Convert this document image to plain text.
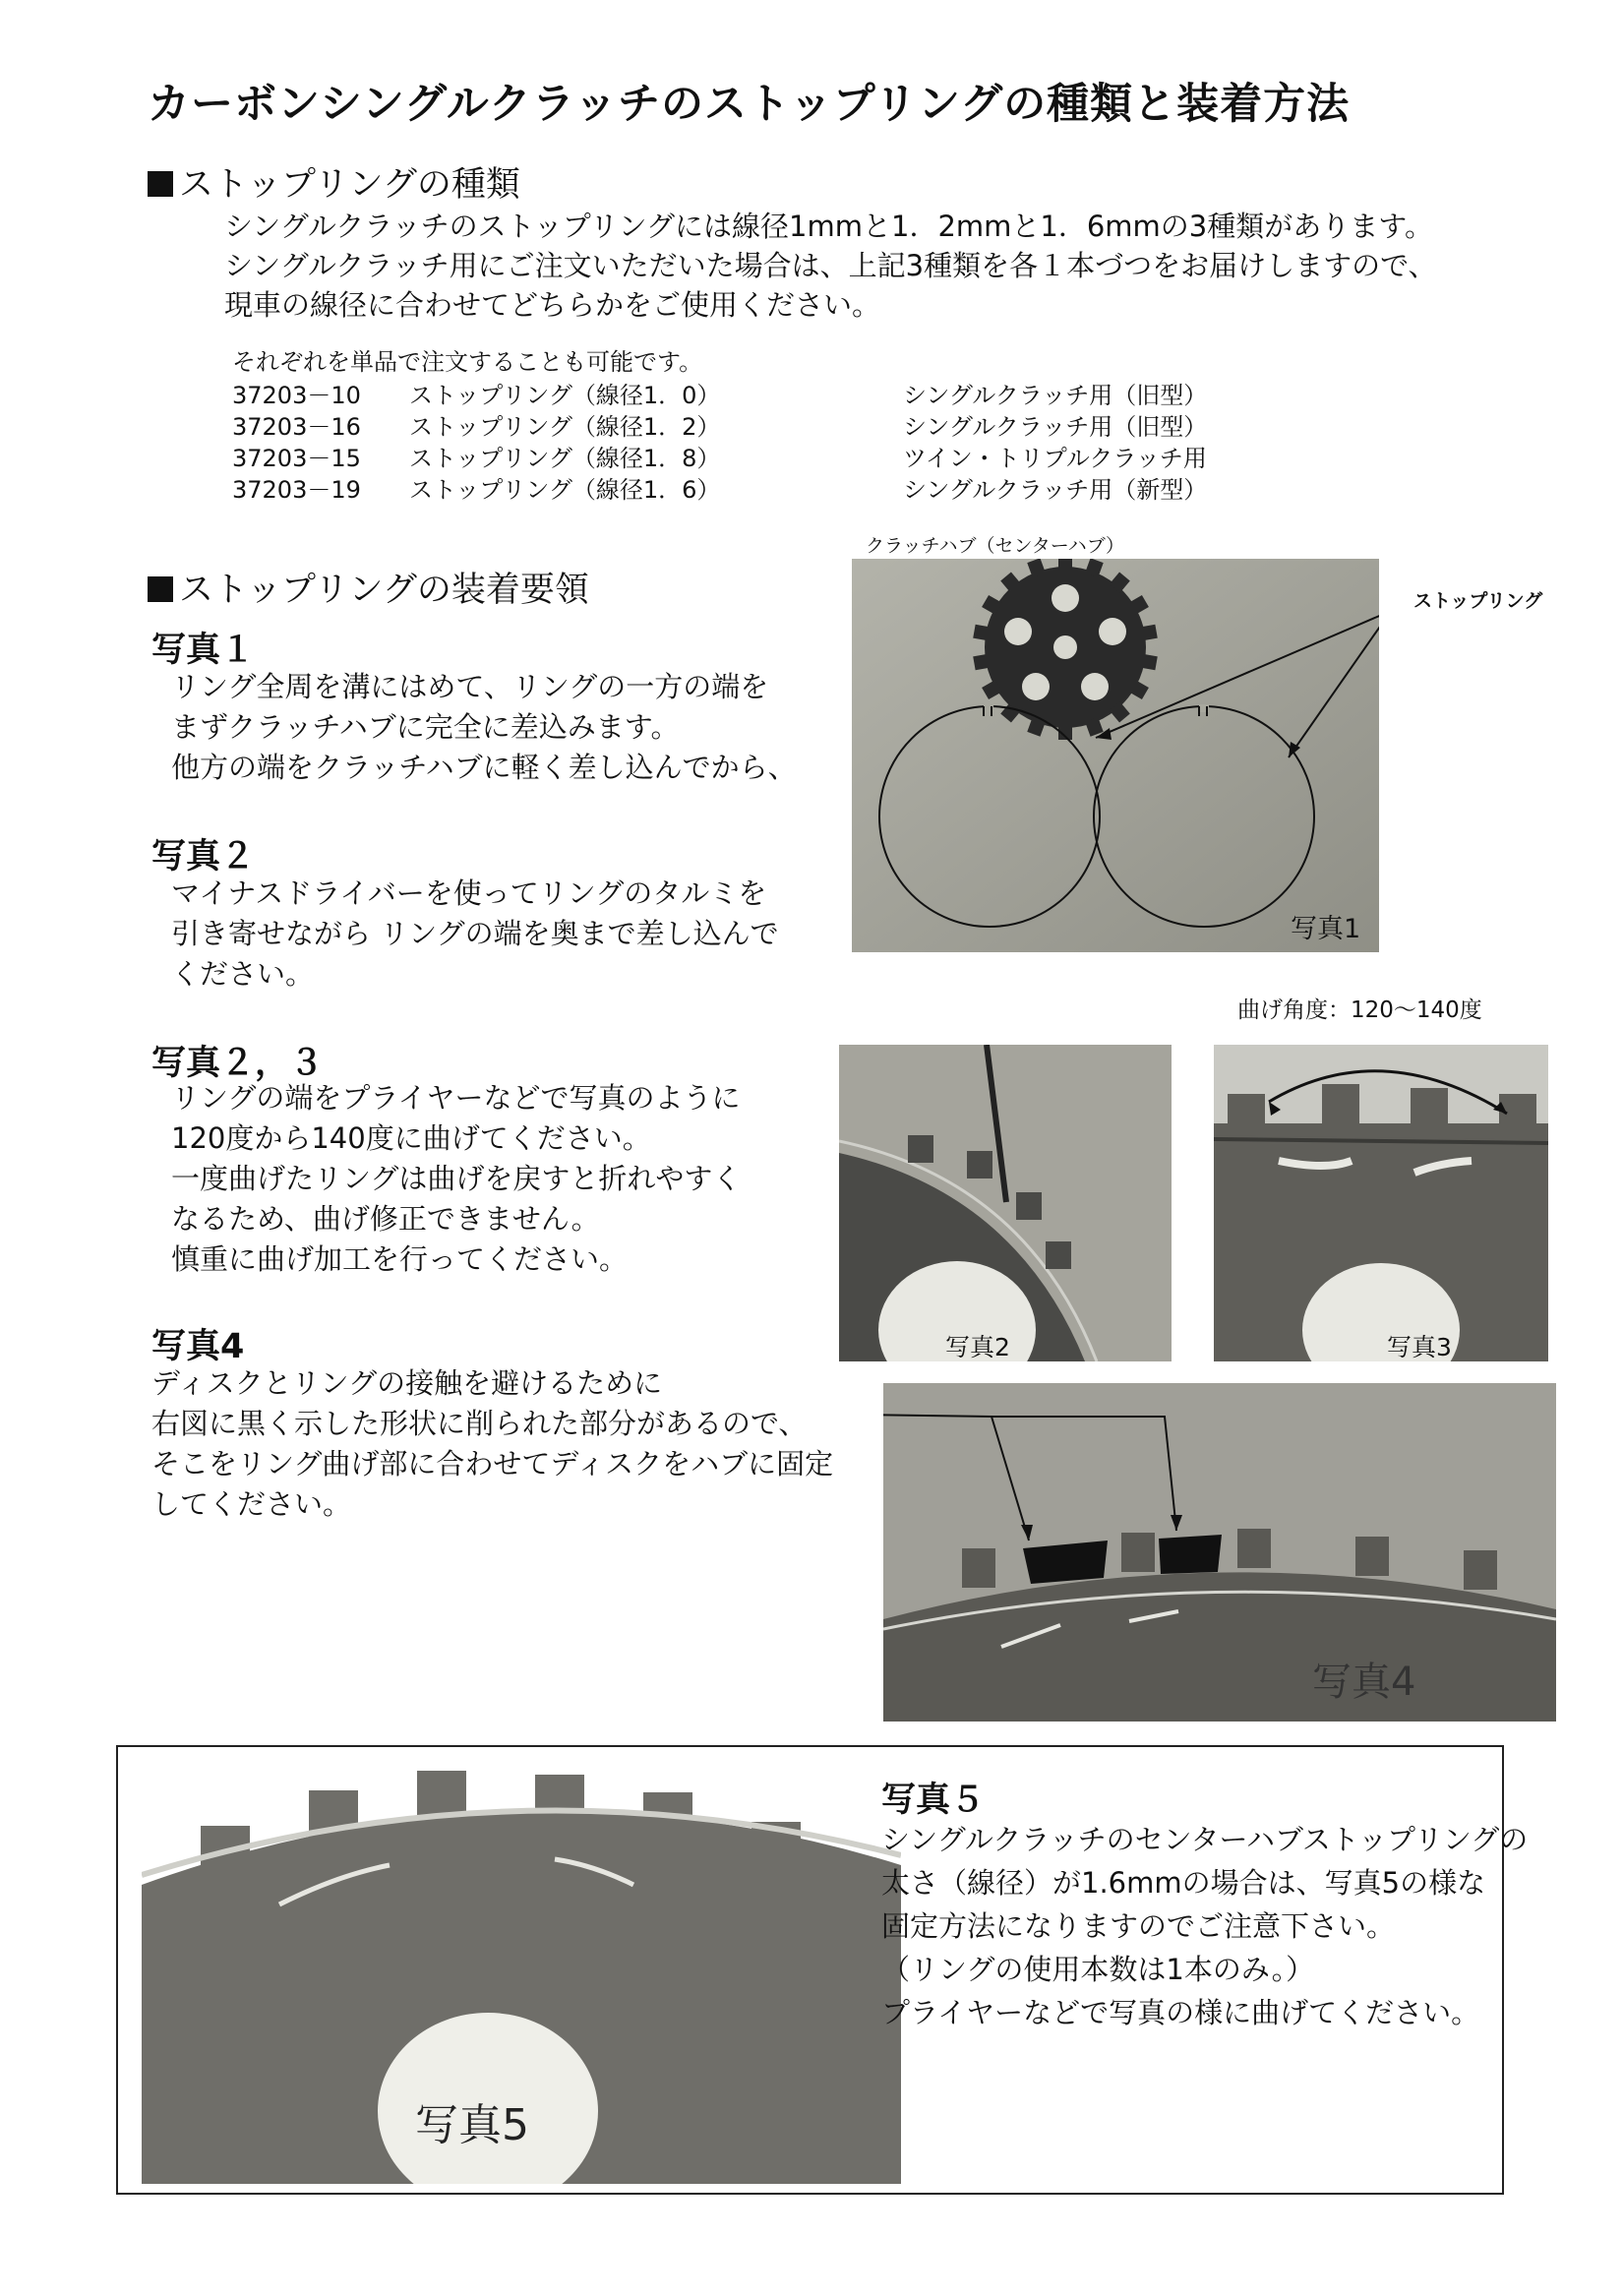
カーボンシングルクラッチのストップリングの種類と装着方法
ストップリングの種類
シングルクラッチのストップリングには線径1mmと1．2mmと1．6mmの3種類があります。
シングルクラッチ用にご注文いただいた場合は、上記3種類を各１本づつをお届けしますので、
現車の線径に合わせてどちらかをご使用ください。
それぞれを単品で注文することも可能です。
37203－10 ストップリング（線径1．0）	シングルクラッチ用（旧型）
37203－16 ストップリング（線径1．2）	シングルクラッチ用（旧型）
37203－15 ストップリング（線径1．8）	ツイン・トリプルクラッチ用
37203－19 ストップリング（線径1．6）	シングルクラッチ用（新型）
ストップリングの装着要領
写真１
リング全周を溝にはめて、リングの一方の端を
まずクラッチハブに完全に差込みます。
他方の端をクラッチハブに軽く差し込んでから、
写真２
マイナスドライバーを使ってリングのタルミを
引き寄せながら リングの端を奥まで差し込んで
ください。
写真２，３
リングの端をプライヤーなどで写真のように
120度から140度に曲げてください。
一度曲げたリングは曲げを戻すと折れやすく
なるため、曲げ修正できません。
慎重に曲げ加工を行ってください。
写真4
ディスクとリングの接触を避けるために
右図に黒く示した形状に削られた部分があるので、
そこをリング曲げ部に合わせてディスクをハブに固定
してください。
クラッチハブ（センターハブ）
ストップリング
写真1
写真2
曲げ角度：120～140度
写真3
写真4
写真5
写真５
シングルクラッチのセンターハブストップリングの
太さ（線径）が1.6mmの場合は、写真5の様な
固定方法になりますのでご注意下さい。
（リングの使用本数は1本のみ。）
プライヤーなどで写真の様に曲げてください。
